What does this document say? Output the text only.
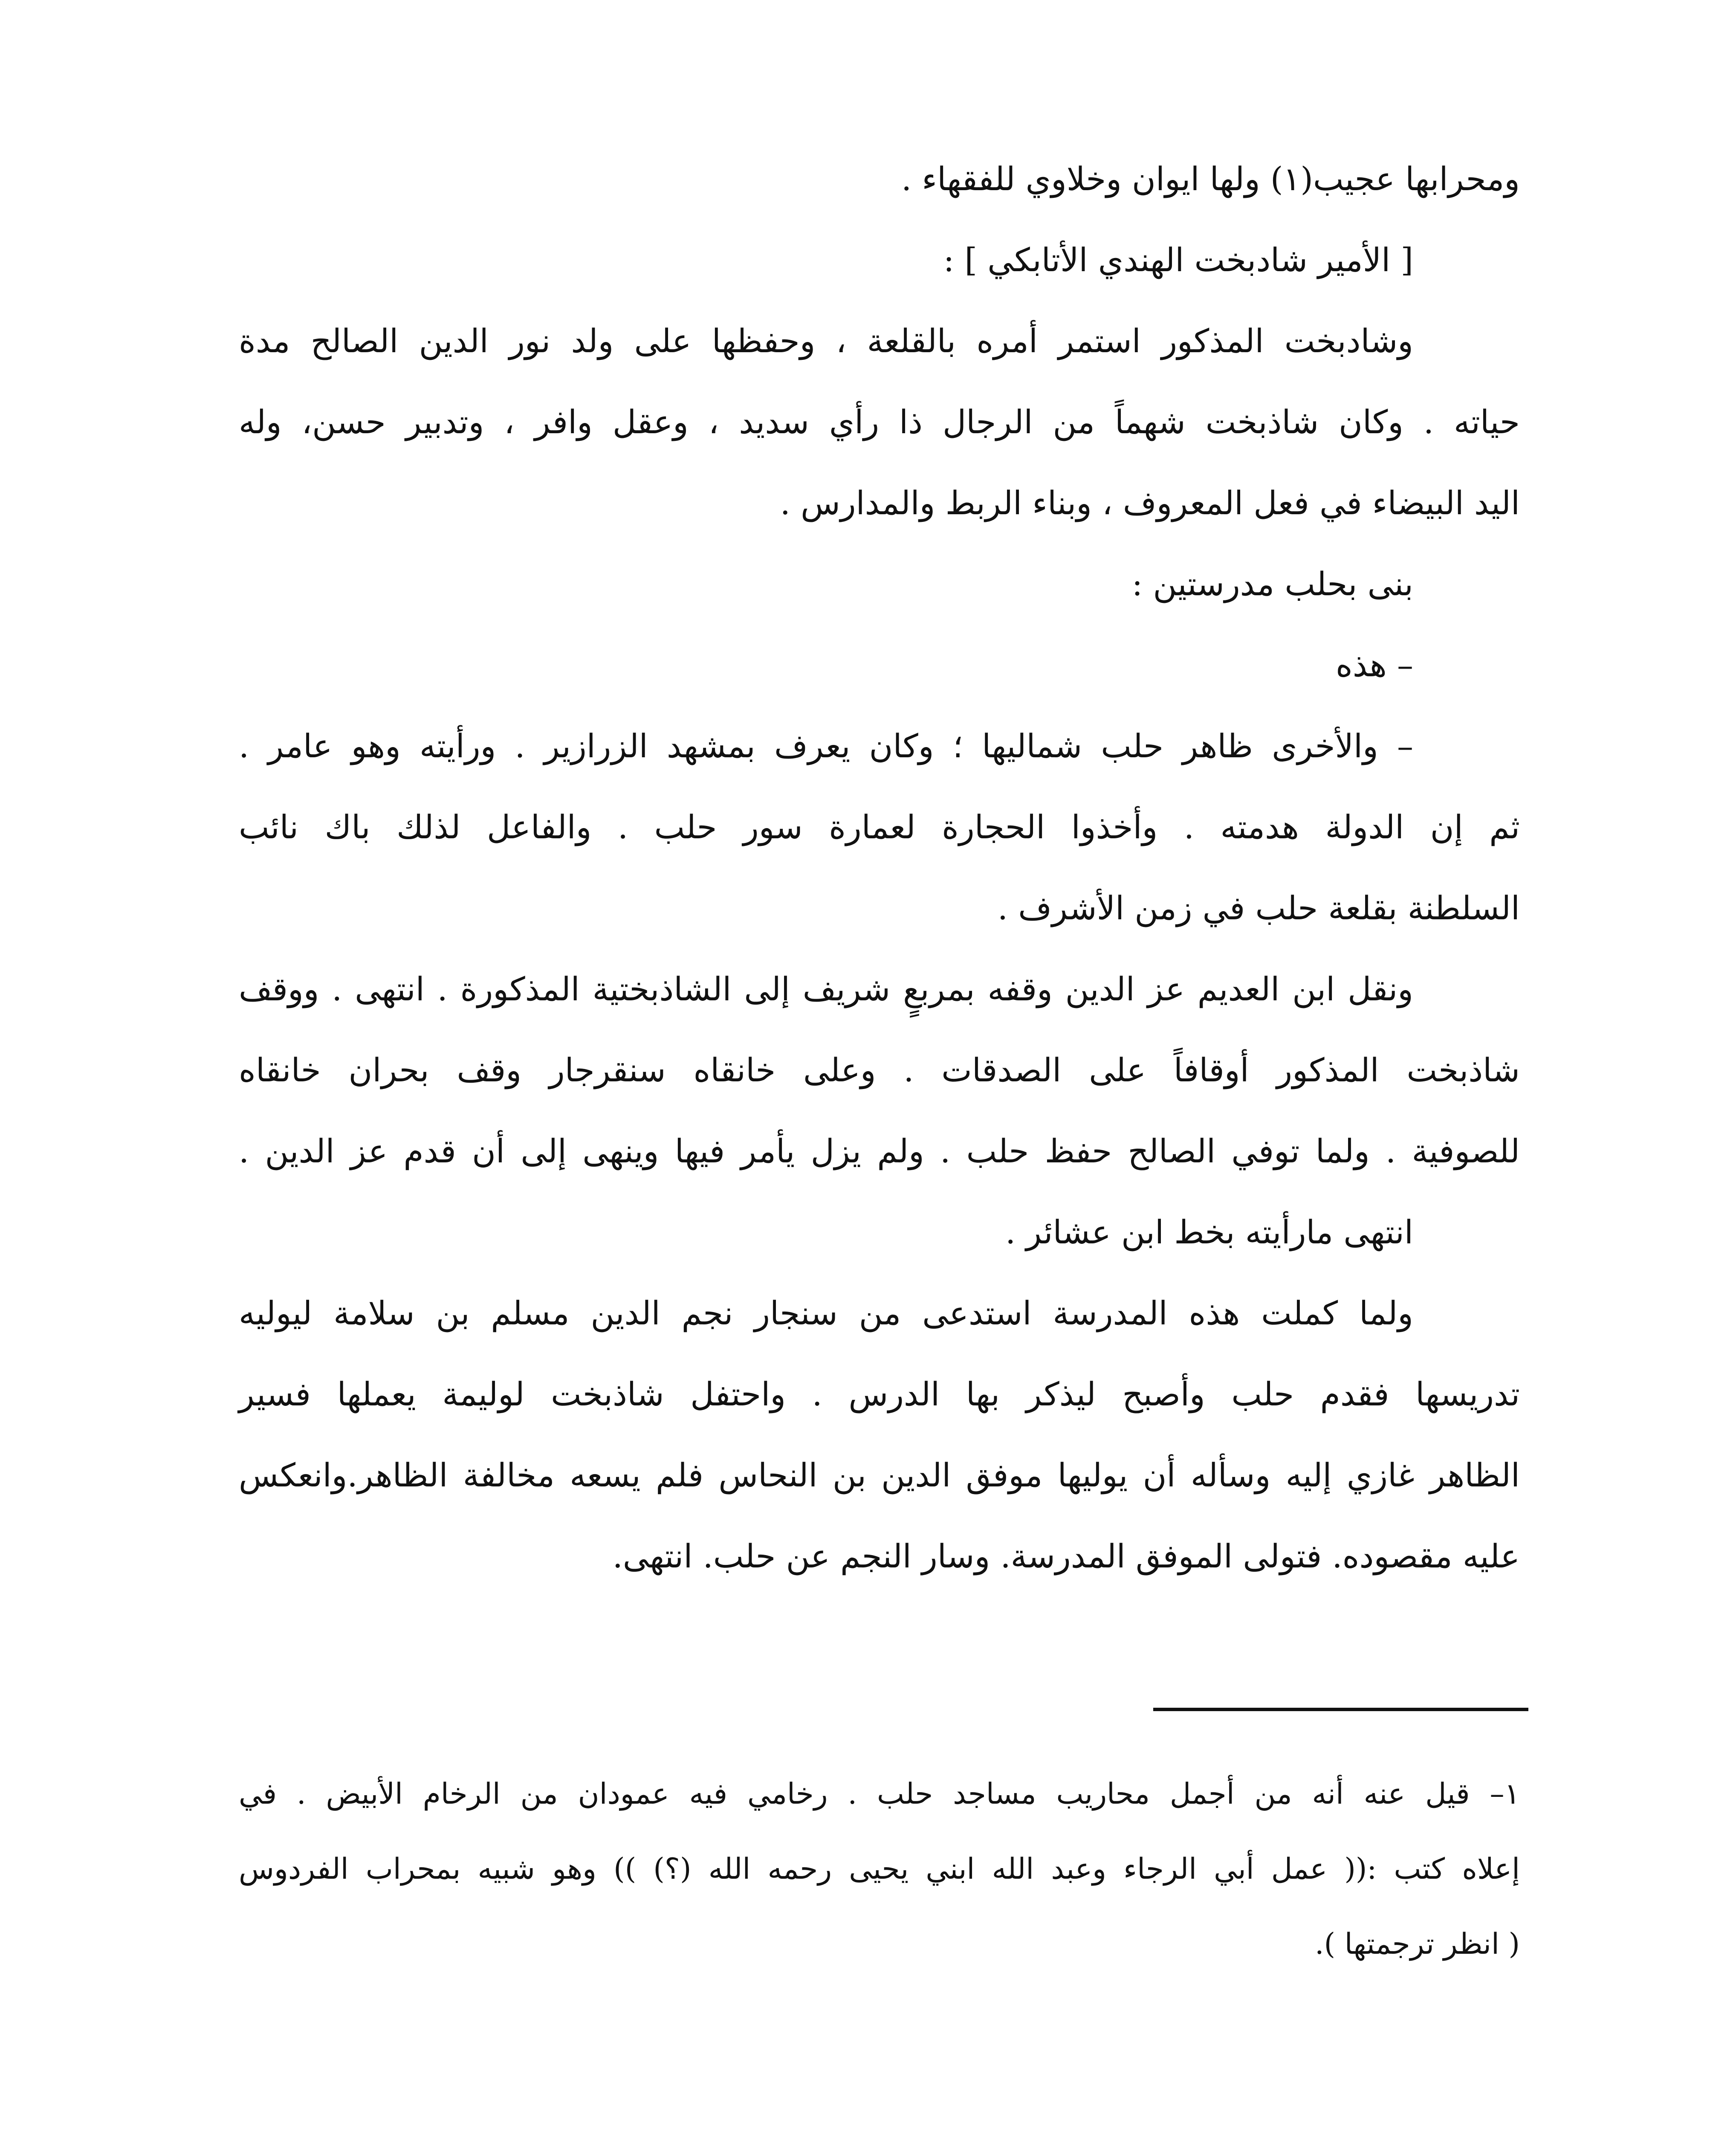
ومحرابها عجيب(١) ولها ايوان وخلاوي للفقهاء .
[ الأمير شادبخت الهندي الأتابكي ] :
وشادبخت المذكور استمر أمره بالقلعة ، وحفظها على ولد نور الدين الصالح مدة
حياته . وكان شاذبخت شهماً من الرجال ذا رأي سديد ، وعقل وافر ، وتدبير حسن، وله
اليد البيضاء في فعل المعروف ، وبناء الربط والمدارس .
بنى بحلب مدرستين :
– هذه
– والأخرى ظاهر حلب شماليها ؛ وكان يعرف بمشهد الزرازير . ورأيته وهو عامر .
ثم إن الدولة هدمته . وأخذوا الحجارة لعمارة سور حلب . والفاعل لذلك باك نائب
السلطنة بقلعة حلب في زمن الأشرف .
ونقل ابن العديم عز الدين وقفه بمربعٍ شريف إلى الشاذبختية المذكورة . انتهى . ووقف
شاذبخت المذكور أوقافاً على الصدقات . وعلى خانقاه سنقرجار وقف بحران خانقاه
للصوفية . ولما توفي الصالح حفظ حلب . ولم يزل يأمر فيها وينهى إلى أن قدم عز الدين .
انتهى مارأيته بخط ابن عشائر .
ولما كملت هذه المدرسة استدعى من سنجار نجم الدين مسلم بن سلامة ليوليه
تدريسها فقدم حلب وأصبح ليذكر بها الدرس . واحتفل شاذبخت لوليمة يعملها فسير
الظاهر غازي إليه وسأله أن يوليها موفق الدين بن النحاس فلم يسعه مخالفة الظاهر.وانعكس
عليه مقصوده. فتولى الموفق المدرسة. وسار النجم عن حلب. انتهى.
١– قيل عنه أنه من أجمل محاريب مساجد حلب . رخامي فيه عمودان من الرخام الأبيض . في
إعلاه كتب :(( عمل أبي الرجاء وعبد الله ابني يحيى رحمه الله (؟) )) وهو شبيه بمحراب الفردوس
( انظر ترجمتها ).
